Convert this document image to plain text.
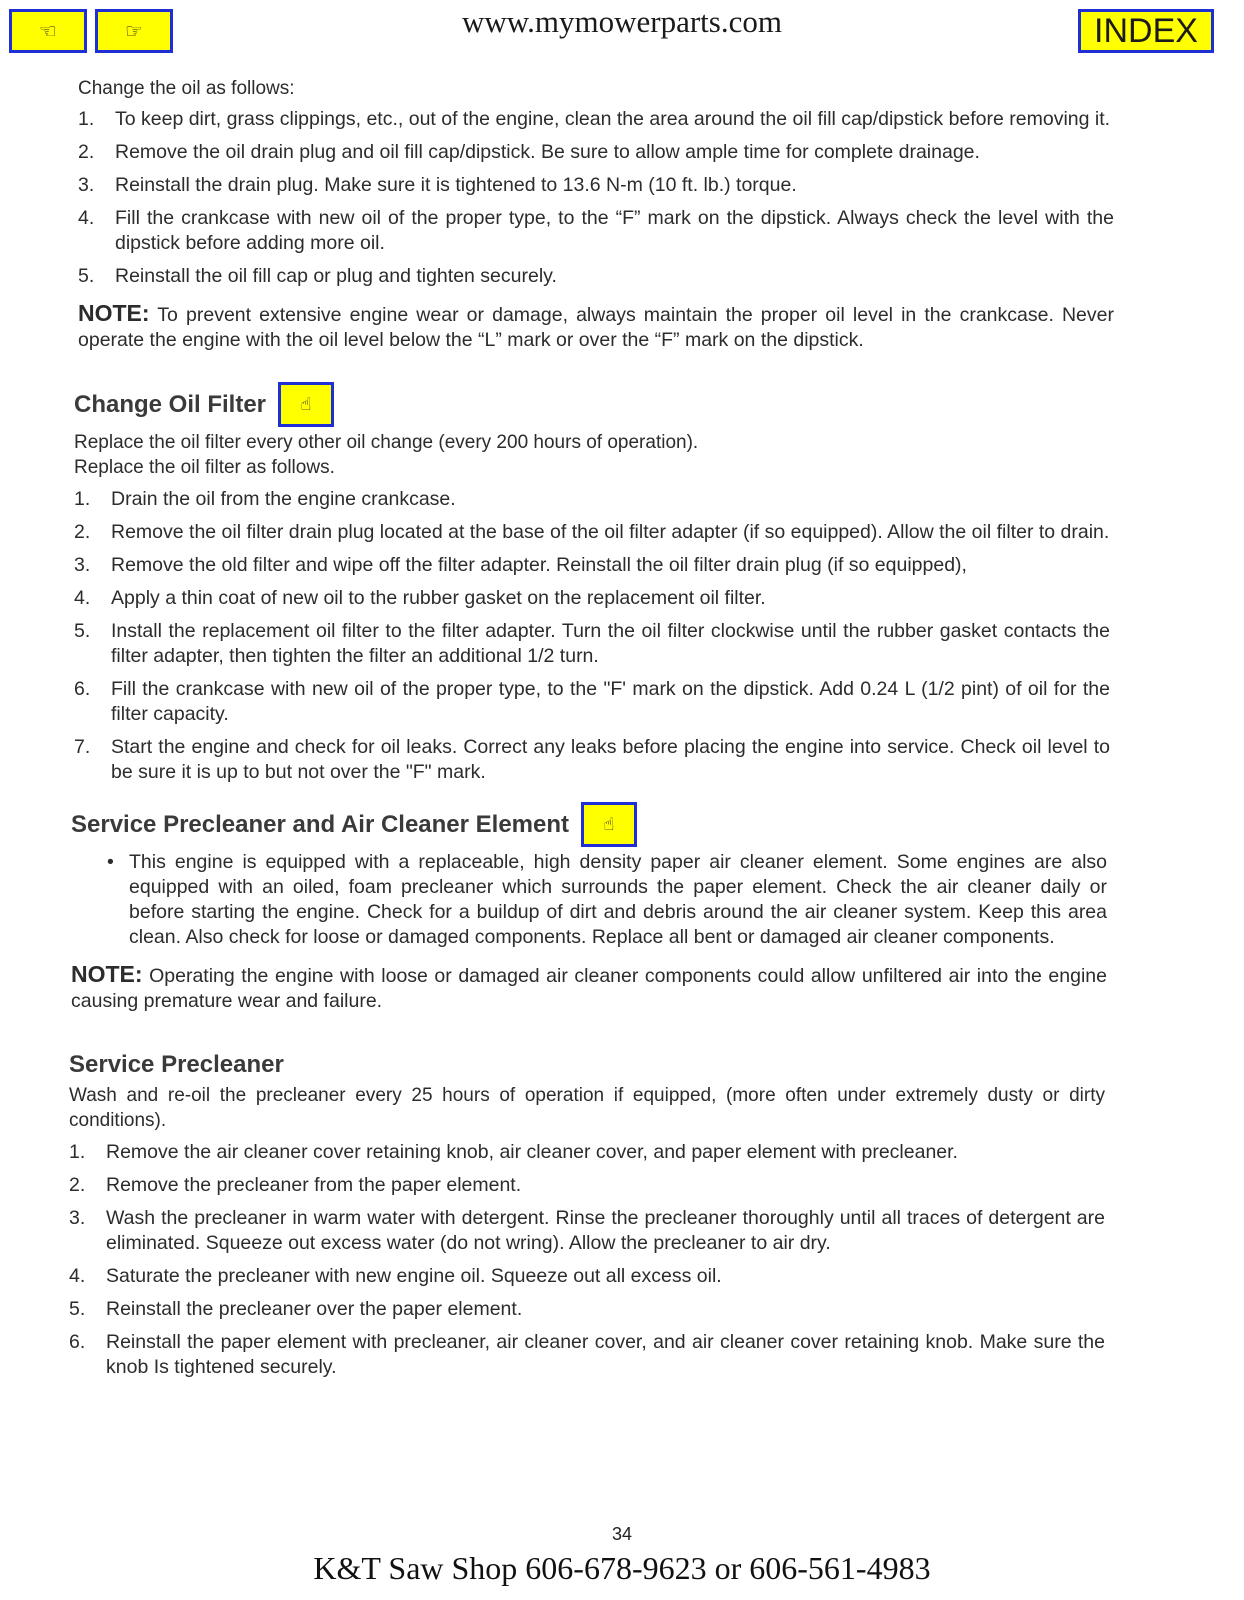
☜	☞	www.mymowerparts.com	INDEX

Change the oil as follows:

1.	To keep dirt, grass clippings, etc., out of the engine, clean the area around the oil fill cap/dipstick before removing it.
2.	Remove the oil drain plug and oil fill cap/dipstick. Be sure to allow ample time for complete drainage.
3.	Reinstall the drain plug. Make sure it is tightened to 13.6 N-m (10 ft. lb.) torque.
4.	Fill the crankcase with new oil of the proper type, to the “F” mark on the dipstick. Always check the level with the dipstick before adding more oil.
5.	Reinstall the oil fill cap or plug and tighten securely.

NOTE: To prevent extensive engine wear or damage, always maintain the proper oil level in the crankcase. Never operate the engine with the oil level below the “L” mark or over the “F” mark on the dipstick.

Change Oil Filter ☝

Replace the oil filter every other oil change (every 200 hours of operation).

Replace the oil filter as follows.

1.	Drain the oil from the engine crankcase.
2.	Remove the oil filter drain plug located at the base of the oil filter adapter (if so equipped). Allow the oil filter to drain.
3.	Remove the old filter and wipe off the filter adapter. Reinstall the oil filter drain plug (if so equipped),
4.	Apply a thin coat of new oil to the rubber gasket on the replacement oil filter.
5.	Install the replacement oil filter to the filter adapter. Turn the oil filter clockwise until the rubber gasket contacts the filter adapter, then tighten the filter an additional 1/2 turn.
6.	Fill the crankcase with new oil of the proper type, to the "F' mark on the dipstick. Add 0.24 L (1/2 pint) of oil for the filter capacity.
7.	Start the engine and check for oil leaks. Correct any leaks before placing the engine into service. Check oil level to be sure it is up to but not over the "F" mark.
Service Precleaner and Air Cleaner Element ☝
• This engine is equipped with a replaceable, high density paper air cleaner element. Some engines are also equipped with an oiled, foam precleaner which surrounds the paper element. Check the air cleaner daily or before starting the engine. Check for a buildup of dirt and debris around the air cleaner system. Keep this area clean. Also check for loose or damaged components. Replace all bent or damaged air cleaner components.

NOTE: Operating the engine with loose or damaged air cleaner components could allow unfiltered air into the engine causing premature wear and failure.

Service Precleaner

Wash and re-oil the precleaner every 25 hours of operation if equipped, (more often under extremely dusty or dirty conditions).

1.	Remove the air cleaner cover retaining knob, air cleaner cover, and paper element with precleaner.
2.	Remove the precleaner from the paper element.
3.	Wash the precleaner in warm water with detergent. Rinse the precleaner thoroughly until all traces of detergent are eliminated. Squeeze out excess water (do not wring). Allow the precleaner to air dry.
4.	Saturate the precleaner with new engine oil. Squeeze out all excess oil.
5.	Reinstall the precleaner over the paper element.
6.	Reinstall the paper element with precleaner, air cleaner cover, and air cleaner cover retaining knob. Make sure the knob Is tightened securely.
34
K&T Saw Shop 606-678-9623 or 606-561-4983
